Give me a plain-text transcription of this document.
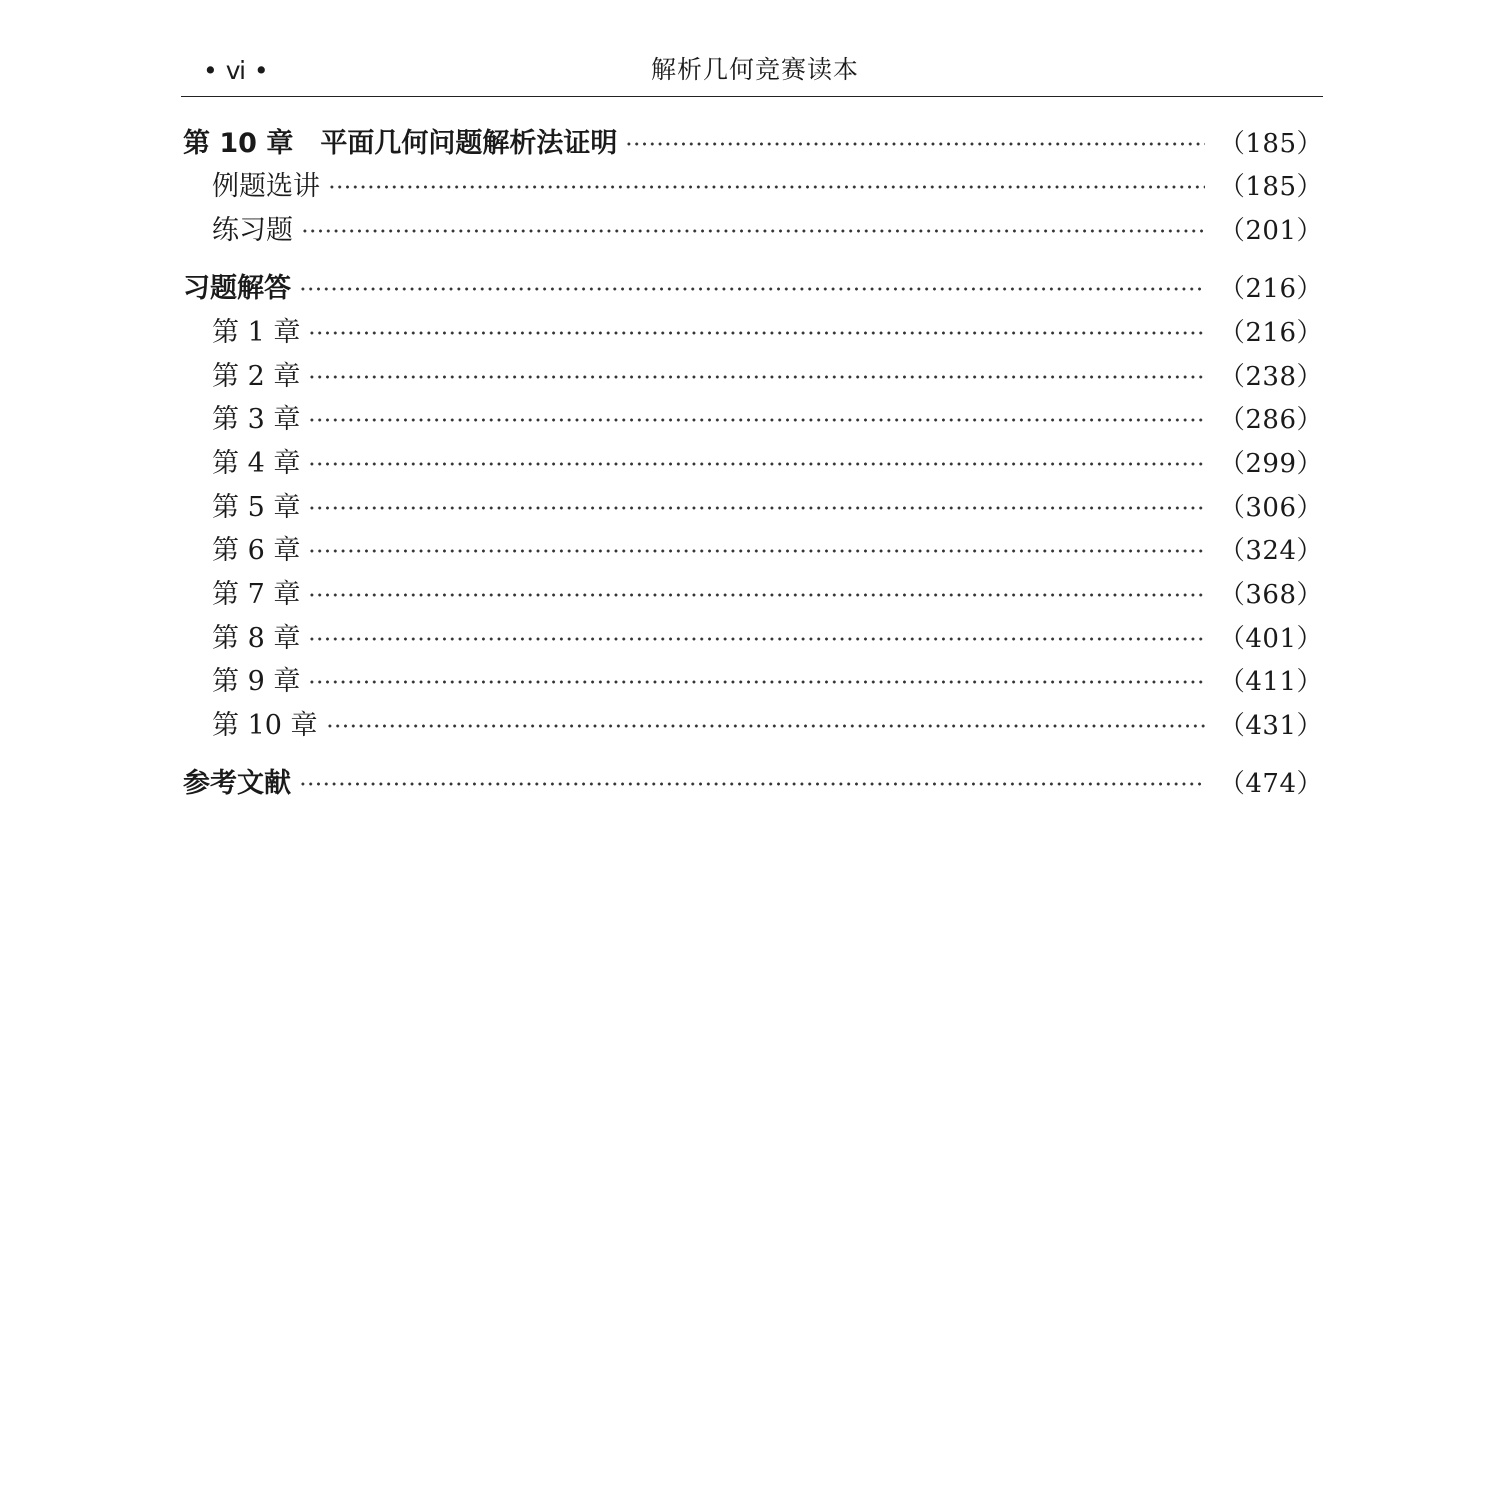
• ⅵ •	解析几何竞赛读本
第 10 章　平面几何问题解析法证明	（185）
例题选讲	（185）
练习题	（201）
习题解答	（216）
第 1 章	（216）
第 2 章	（238）
第 3 章	（286）
第 4 章	（299）
第 5 章	（306）
第 6 章	（324）
第 7 章	（368）
第 8 章	（401）
第 9 章	（411）
第 10 章	（431）
参考文献	（474）
